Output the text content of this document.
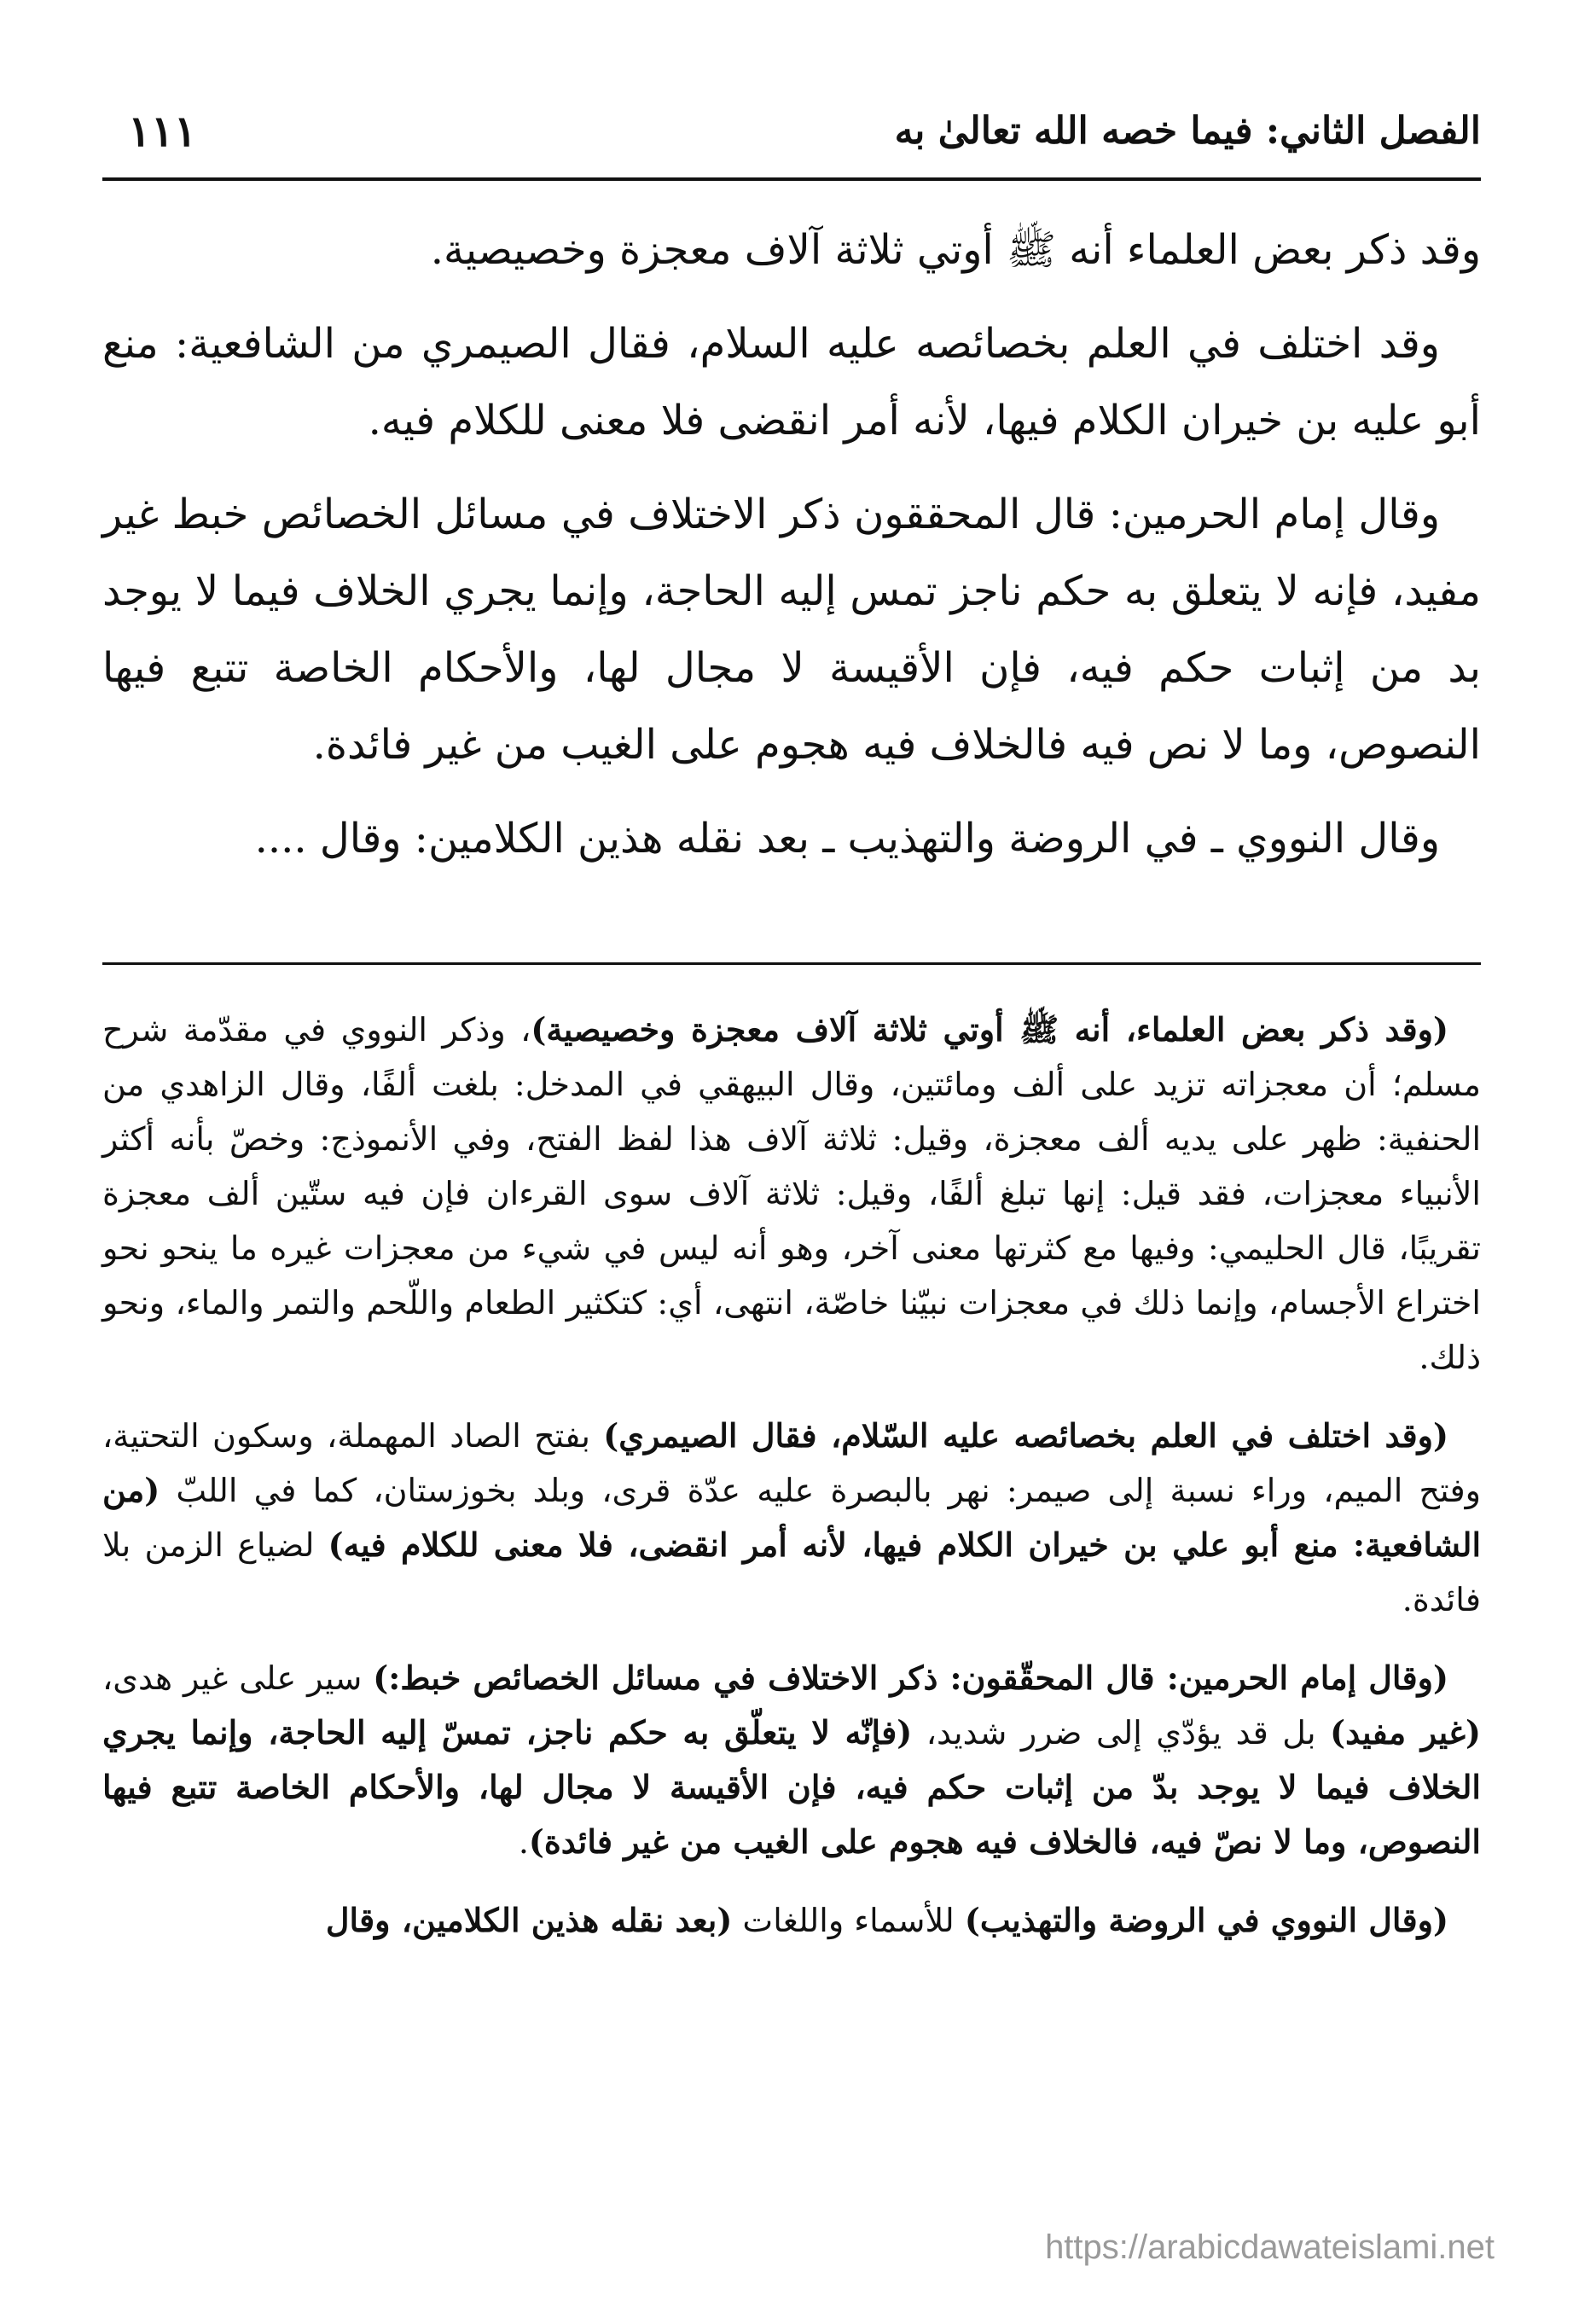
الفصل الثاني: فيما خصه الله تعالىٰ به
١١١

وقد ذكر بعض العلماء أنه ﷺ أوتي ثلاثة آلاف معجزة وخصيصية.

وقد اختلف في العلم بخصائصه عليه السلام، فقال الصيمري من الشافعية: منع أبو عليه بن خيران الكلام فيها، لأنه أمر انقضى فلا معنى للكلام فيه.

وقال إمام الحرمين: قال المحققون ذكر الاختلاف في مسائل الخصائص خبط غير مفيد، فإنه لا يتعلق به حكم ناجز تمس إليه الحاجة، وإنما يجري الخلاف فيما لا يوجد بد من إثبات حكم فيه، فإن الأقيسة لا مجال لها، والأحكام الخاصة تتبع فيها النصوص، وما لا نص فيه فالخلاف فيه هجوم على الغيب من غير فائدة.

وقال النووي ـ في الروضة والتهذيب ـ بعد نقله هذين الكلامين: وقال ....

(وقد ذكر بعض العلماء، أنه ﷺ أوتي ثلاثة آلاف معجزة وخصيصية)، وذكر النووي في مقدّمة شرح مسلم؛ أن معجزاته تزيد على ألف ومائتين، وقال البيهقي في المدخل: بلغت ألفًا، وقال الزاهدي من الحنفية: ظهر على يديه ألف معجزة، وقيل: ثلاثة آلاف هذا لفظ الفتح، وفي الأنموذج: وخصّ بأنه أكثر الأنبياء معجزات، فقد قيل: إنها تبلغ ألفًا، وقيل: ثلاثة آلاف سوى القرءان فإن فيه ستّين ألف معجزة تقريبًا، قال الحليمي: وفيها مع كثرتها معنى آخر، وهو أنه ليس في شيء من معجزات غيره ما ينحو نحو اختراع الأجسام، وإنما ذلك في معجزات نبيّنا خاصّة، انتهى، أي: كتكثير الطعام واللّحم والتمر والماء، ونحو ذلك.

(وقد اختلف في العلم بخصائصه عليه السّلام، فقال الصيمري) بفتح الصاد المهملة، وسكون التحتية، وفتح الميم، وراء نسبة إلى صيمر: نهر بالبصرة عليه عدّة قرى، وبلد بخوزستان، كما في اللبّ (من الشافعية: منع أبو علي بن خيران الكلام فيها، لأنه أمر انقضى، فلا معنى للكلام فيه) لضياع الزمن بلا فائدة.

(وقال إمام الحرمين: قال المحقّقون: ذكر الاختلاف في مسائل الخصائص خبط:) سير على غير هدى، (غير مفيد) بل قد يؤدّي إلى ضرر شديد، (فإنّه لا يتعلّق به حكم ناجز، تمسّ إليه الحاجة، وإنما يجري الخلاف فيما لا يوجد بدّ من إثبات حكم فيه، فإن الأقيسة لا مجال لها، والأحكام الخاصة تتبع فيها النصوص، وما لا نصّ فيه، فالخلاف فيه هجوم على الغيب من غير فائدة).

(وقال النووي في الروضة والتهذيب) للأسماء واللغات (بعد نقله هذين الكلامين، وقال

https://arabicdawateislami.net
